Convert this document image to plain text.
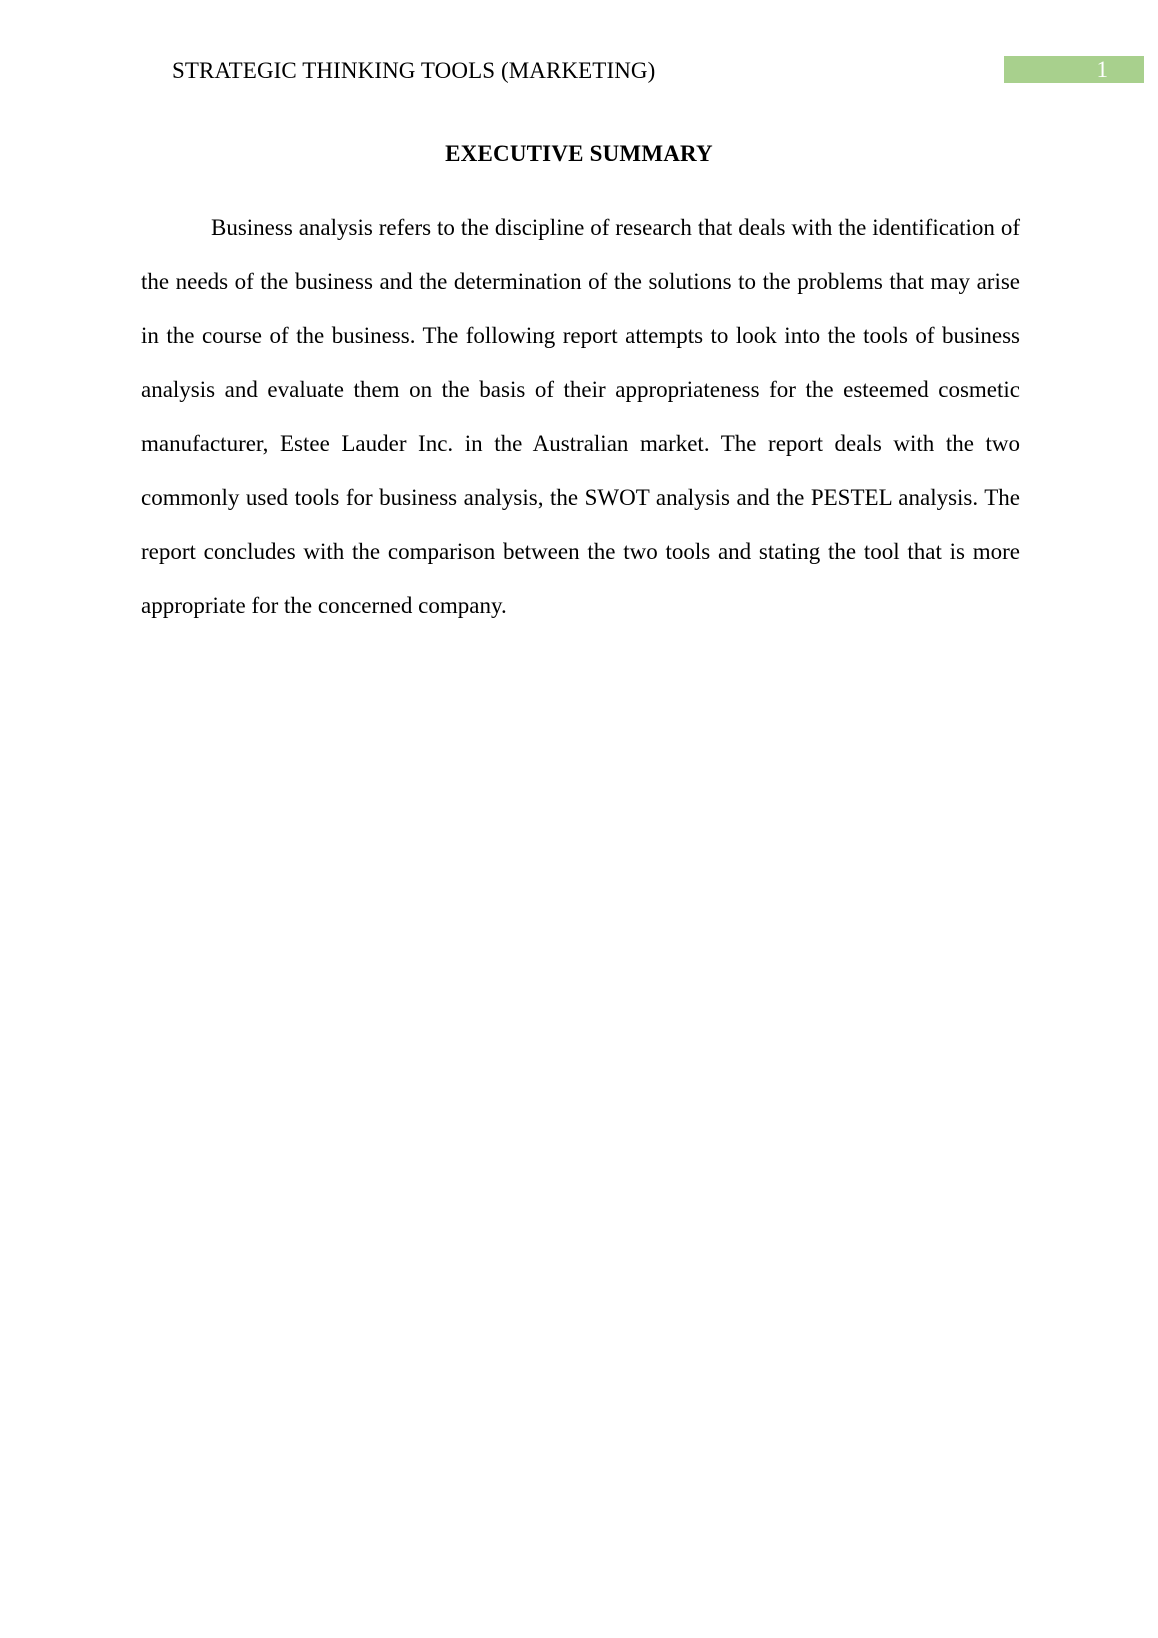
STRATEGIC THINKING TOOLS (MARKETING)	1
EXECUTIVE SUMMARY

Business analysis refers to the discipline of research that deals with the identification of the needs of the business and the determination of the solutions to the problems that may arise in the course of the business. The following report attempts to look into the tools of business analysis and evaluate them on the basis of their appropriateness for the esteemed cosmetic manufacturer, Estee Lauder Inc. in the Australian market. The report deals with the two commonly used tools for business analysis, the SWOT analysis and the PESTEL analysis. The report concludes with the comparison between the two tools and stating the tool that is more appropriate for the concerned company.
